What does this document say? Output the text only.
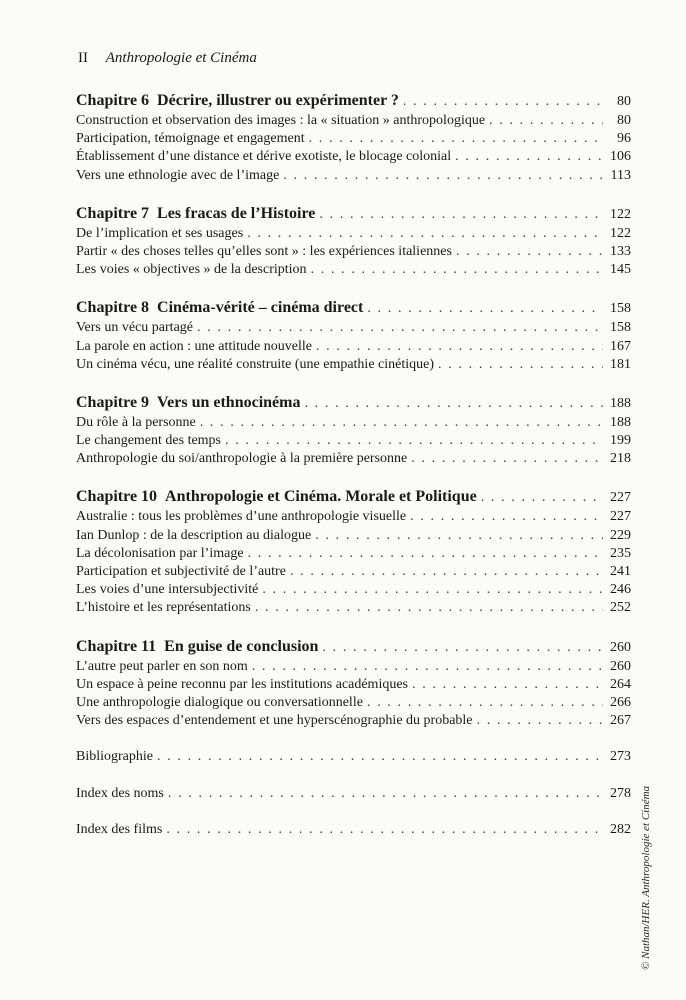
II Anthropologie et Cinéma
Chapitre 6 Décrire, illustrer ou expérimenter ? . . .	80
Construction et observation des images : la « situation » anthropologique . . .	80
Participation, témoignage et engagement . . .	96
Établissement d’une distance et dérive exotiste, le blocage colonial . . .	106
Vers une ethnologie avec de l’image . . .	113
Chapitre 7 Les fracas de l’Histoire . . .	122
De l’implication et ses usages . . .	122
Partir « des choses telles qu’elles sont » : les expériences italiennes . . .	133
Les voies « objectives » de la description . . .	145
Chapitre 8 Cinéma-vérité – cinéma direct . . .	158
Vers un vécu partagé . . .	158
La parole en action : une attitude nouvelle . . .	167
Un cinéma vécu, une réalité construite (une empathie cinétique) . . .	181
Chapitre 9 Vers un ethnocinéma . . .	188
Du rôle à la personne . . .	188
Le changement des temps . . .	199
Anthropologie du soi/anthropologie à la première personne . . .	218
Chapitre 10 Anthropologie et Cinéma. Morale et Politique . . .	227
Australie : tous les problèmes d’une anthropologie visuelle . . .	227
Ian Dunlop : de la description au dialogue . . .	229
La décolonisation par l’image . . .	235
Participation et subjectivité de l’autre . . .	241
Les voies d’une intersubjectivité . . .	246
L’histoire et les représentations . . .	252
Chapitre 11 En guise de conclusion . . .	260
L’autre peut parler en son nom . . .	260
Un espace à peine reconnu par les institutions académiques . . .	264
Une anthropologie dialogique ou conversationnelle . . .	266
Vers des espaces d’entendement et une hyperscénographie du probable . . .	267
Bibliographie . . .	273
Index des noms . . .	278
Index des films . . .	282 © Nathan/HER. Anthropologie et Cinéma
